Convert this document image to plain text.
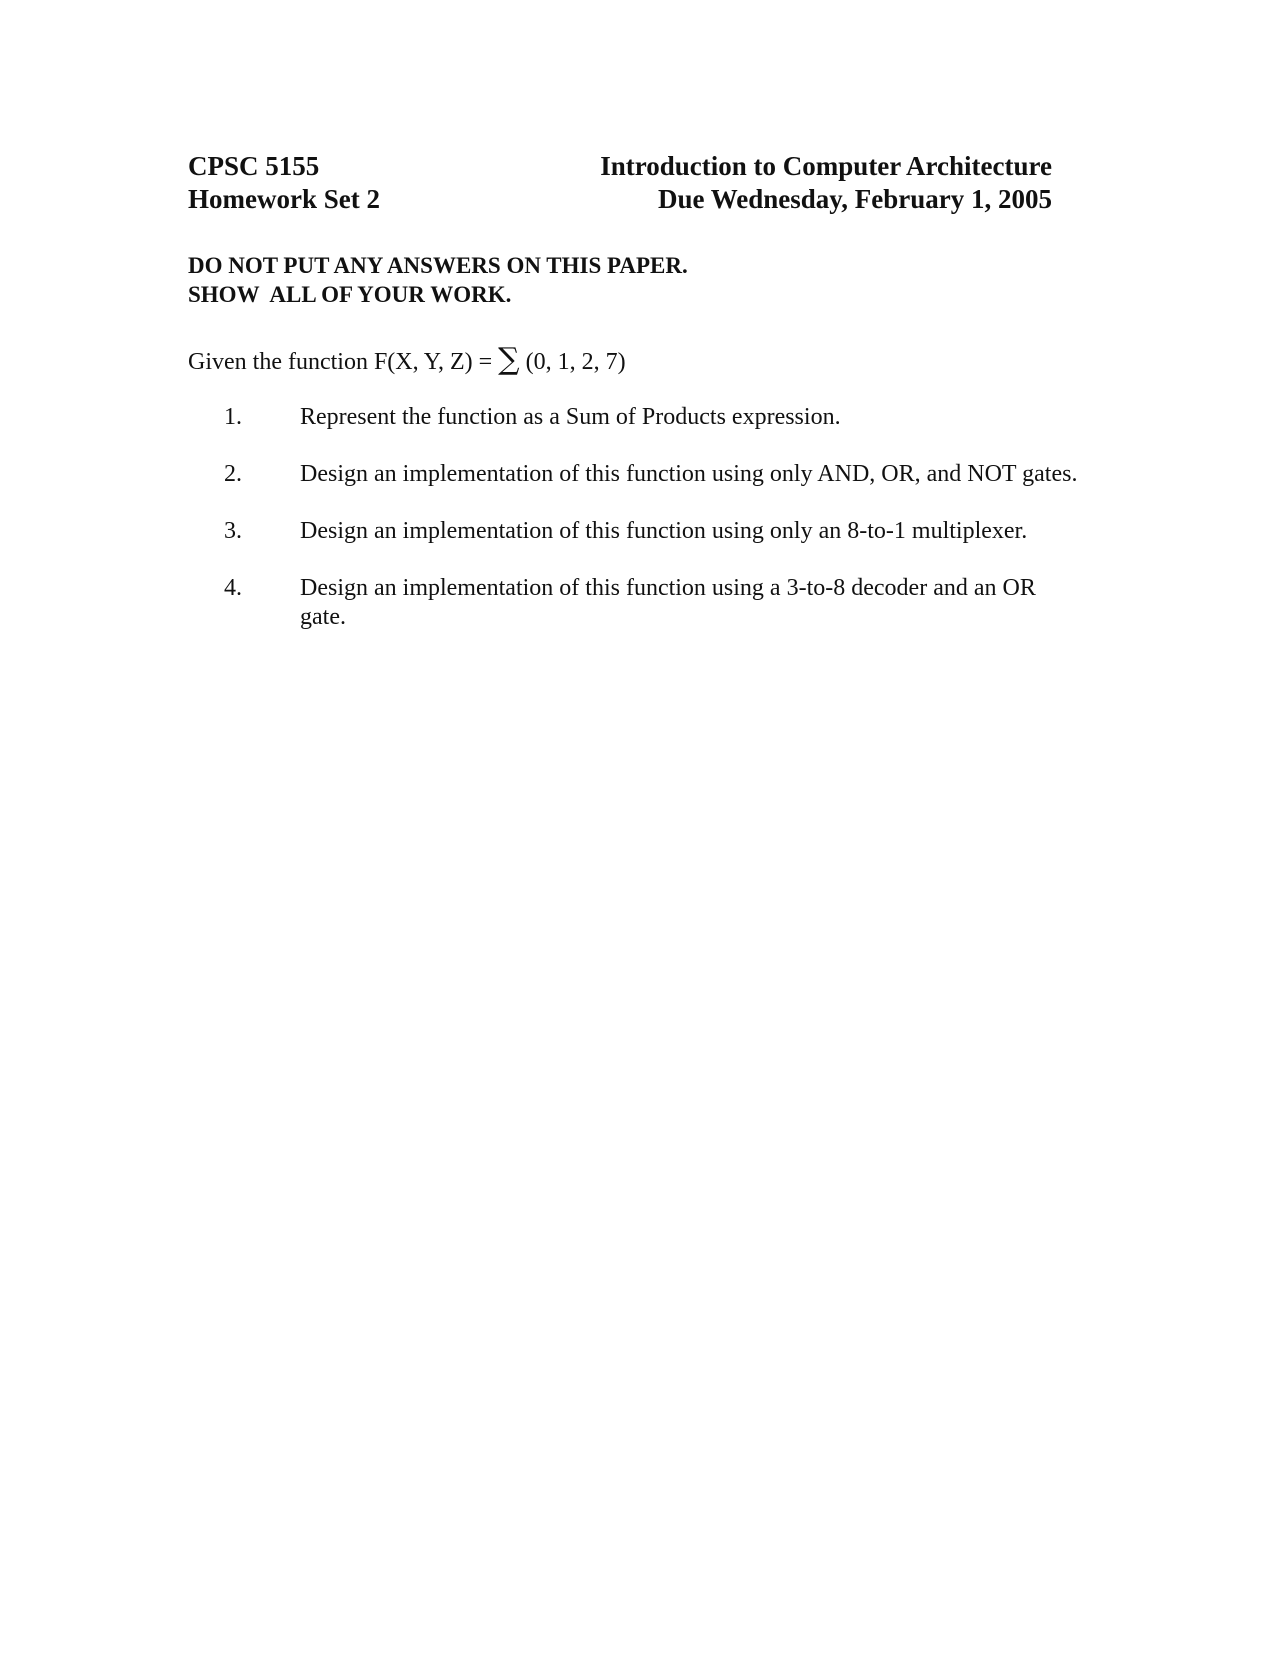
CPSC 5155
Homework Set 2
Introduction to Computer Architecture
Due Wednesday, February 1, 2005
DO NOT PUT ANY ANSWERS ON THIS PAPER.
SHOW  ALL OF YOUR WORK.
Given the function F(X, Y, Z) = ∑ (0, 1, 2, 7)
1.	Represent the function as a Sum of Products expression.
2.	Design an implementation of this function using only AND, OR, and NOT gates.
3.	Design an implementation of this function using only an 8-to-1 multiplexer.
4.	Design an implementation of this function using a 3-to-8 decoder and an OR gate.
